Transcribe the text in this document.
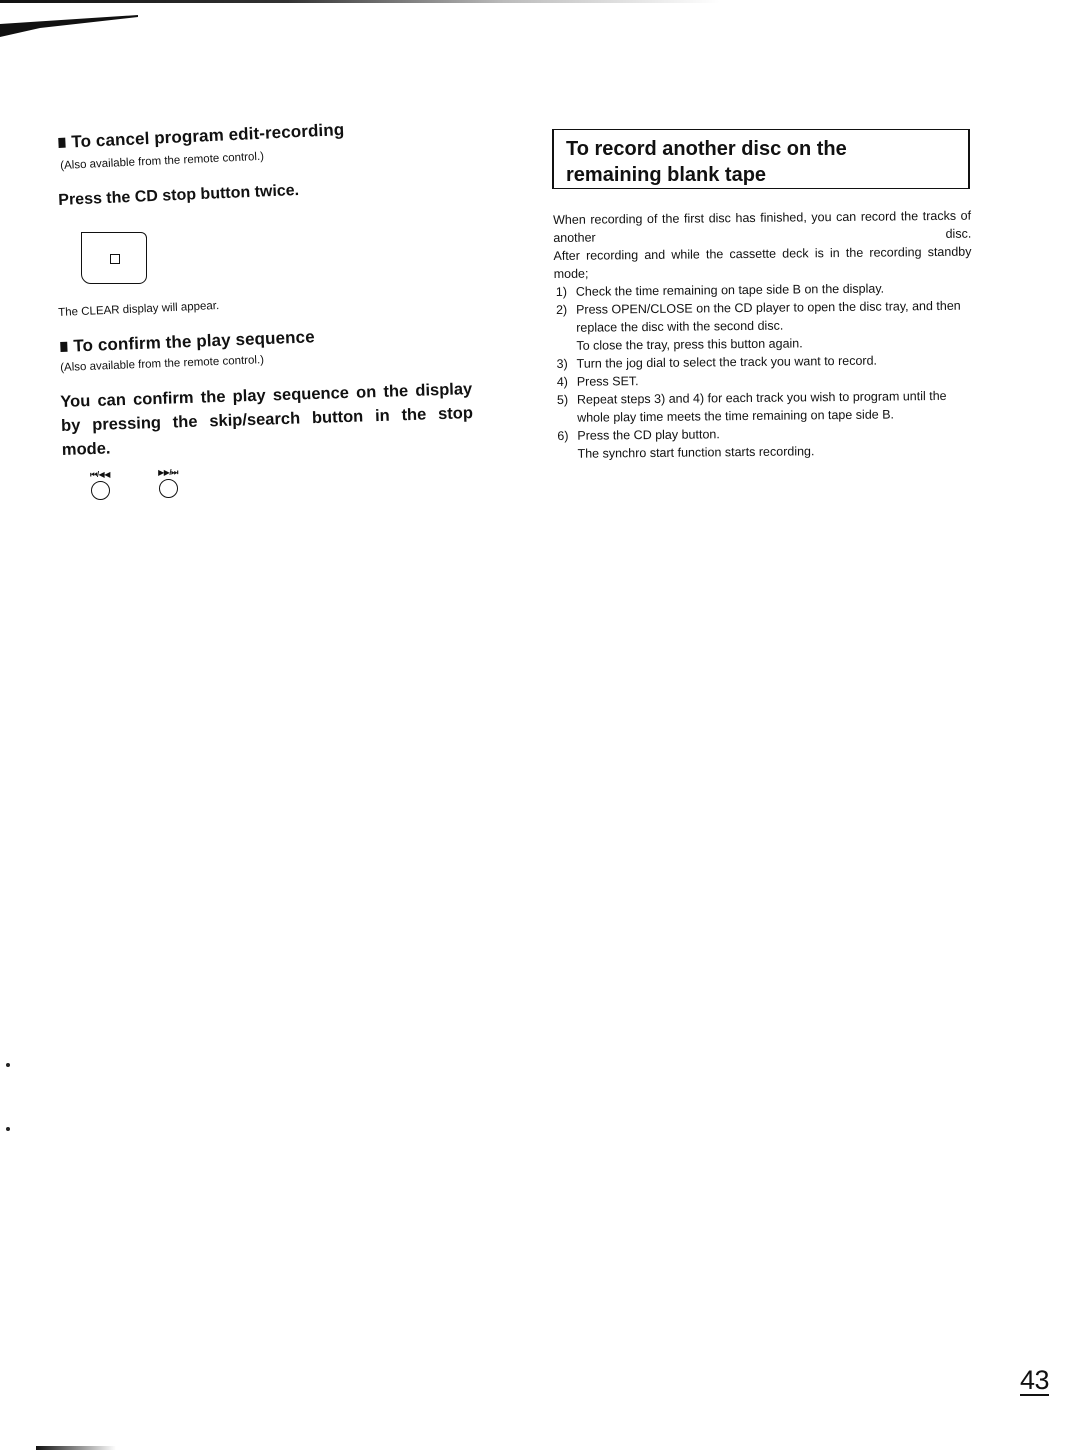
To cancel program edit-recording
(Also available from the remote control.)
Press the CD stop button twice.
The CLEAR display will appear.
To confirm the play sequence
(Also available from the remote control.)
You can confirm the play sequence on the display by pressing the skip/search button in the stop mode.
⏮/◀◀	▶▶/⏭
To record another disc on the remaining blank tape

When recording of the first disc has finished, you can record the tracks of another disc.

After recording and while the cassette deck is in the recording standby mode;

1) Check the time remaining on tape side B on the display.
2) Press OPEN/CLOSE on the CD player to open the disc tray, and then replace the disc with the second disc.
To close the tray, press this button again.
3) Turn the jog dial to select the track you want to record.
4) Press SET.
5) Repeat steps 3) and 4) for each track you wish to program until the whole play time meets the time remaining on tape side B.
6) Press the CD play button.
The synchro start function starts recording.
43
